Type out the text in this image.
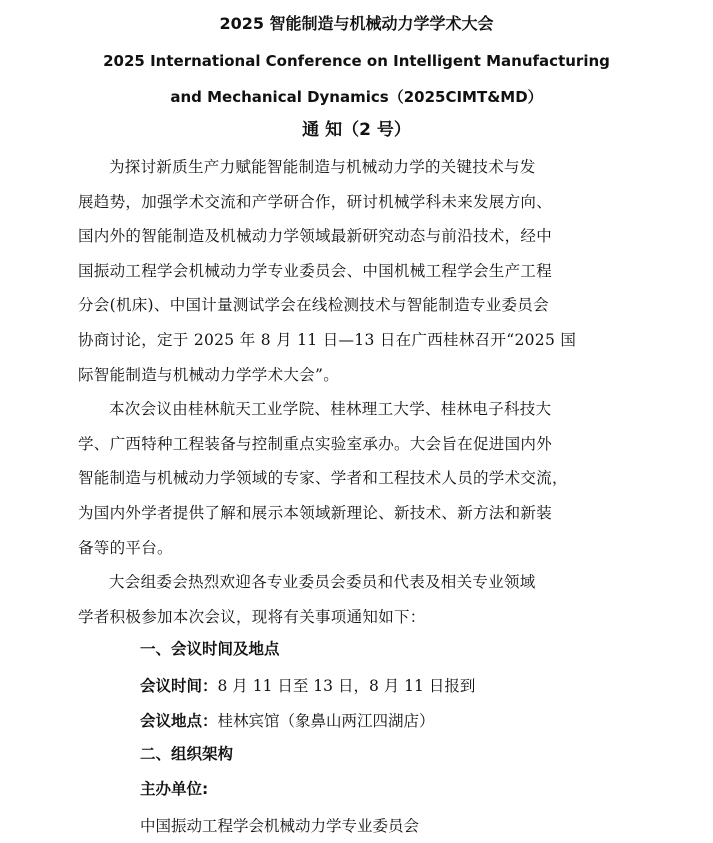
2025 智能制造与机械动力学学术大会
2025 International Conference on Intelligent Manufacturing
and Mechanical Dynamics（2025CIMT&MD）
通 知（2 号）

为探讨新质生产力赋能智能制造与机械动力学的关键技术与发
展趋势，加强学术交流和产学研合作，研讨机械学科未来发展方向、
国内外的智能制造及机械动力学领域最新研究动态与前沿技术，经中
国振动工程学会机械动力学专业委员会、中国机械工程学会生产工程
分会(机床)、中国计量测试学会在线检测技术与智能制造专业委员会
协商讨论，定于 2025 年 8 月 11 日—13 日在广西桂林召开“2025 国
际智能制造与机械动力学学术大会”。

本次会议由桂林航天工业学院、桂林理工大学、桂林电子科技大
学、广西特种工程装备与控制重点实验室承办。大会旨在促进国内外
智能制造与机械动力学领域的专家、学者和工程技术人员的学术交流，
为国内外学者提供了解和展示本领域新理论、新技术、新方法和新装
备等的平台。

大会组委会热烈欢迎各专业委员会委员和代表及相关专业领域
学者积极参加本次会议，现将有关事项通知如下：

一、会议时间及地点
会议时间：8 月 11 日至 13 日，8 月 11 日报到
会议地点：桂林宾馆（象鼻山两江四湖店）
二、组织架构
主办单位:
中国振动工程学会机械动力学专业委员会
